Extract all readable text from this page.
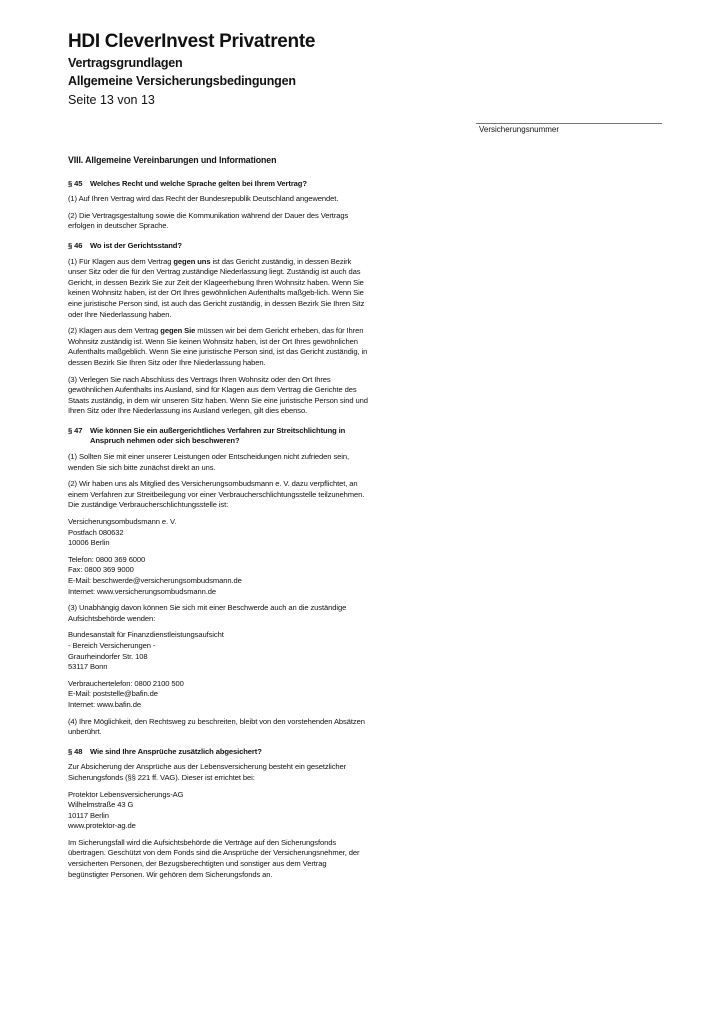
HDI CleverInvest Privatrente
Vertragsgrundlagen
Allgemeine Versicherungsbedingungen
Seite 13 von 13
Versicherungsnummer

VIII. Allgemeine Vereinbarungen und Informationen

§ 45	Welches Recht und welche Sprache gelten bei Ihrem Vertrag?

(1) Auf Ihren Vertrag wird das Recht der Bundesrepublik Deutschland angewendet.

(2) Die Vertragsgestaltung sowie die Kommunikation während der Dauer des Vertrags erfolgen in deutscher Sprache.

§ 46	Wo ist der Gerichtsstand?

(1) Für Klagen aus dem Vertrag gegen uns ist das Gericht zuständig, in dessen Bezirk unser Sitz oder die für den Vertrag zuständige Niederlassung liegt. Zuständig ist auch das Gericht, in dessen Bezirk Sie zur Zeit der Klageerhebung Ihren Wohnsitz haben. Wenn Sie keinen Wohnsitz haben, ist der Ort Ihres gewöhnlichen Aufenthalts maßgeb-lich. Wenn Sie eine juristische Person sind, ist auch das Gericht zuständig, in dessen Bezirk Sie Ihren Sitz oder Ihre Niederlassung haben.

(2) Klagen aus dem Vertrag gegen Sie müssen wir bei dem Gericht erheben, das für Ihren Wohnsitz zuständig ist. Wenn Sie keinen Wohnsitz haben, ist der Ort Ihres gewöhnlichen Aufenthalts maßgeblich. Wenn Sie eine juristische Person sind, ist das Gericht zuständig, in dessen Bezirk Sie Ihren Sitz oder Ihre Niederlassung haben.

(3) Verlegen Sie nach Abschluss des Vertrags Ihren Wohnsitz oder den Ort Ihres gewöhnlichen Aufenthalts ins Ausland, sind für Klagen aus dem Vertrag die Gerichte des Staats zuständig, in dem wir unseren Sitz haben. Wenn Sie eine juristische Person sind und Ihren Sitz oder Ihre Niederlassung ins Ausland verlegen, gilt dies ebenso.

§ 47	Wie können Sie ein außergerichtliches Verfahren zur Streitschlichtung in Anspruch nehmen oder sich beschweren?

(1) Sollten Sie mit einer unserer Leistungen oder Entscheidungen nicht zufrieden sein, wenden Sie sich bitte zunächst direkt an uns.

(2) Wir haben uns als Mitglied des Versicherungsombudsmann e. V. dazu verpflichtet, an einem Verfahren zur Streitbeilegung vor einer Verbraucherschlichtungsstelle teilzunehmen. Die zuständige Verbraucherschlichtungsstelle ist:

Versicherungsombudsmann e. V.
Postfach 080632
10006 Berlin

Telefon: 0800 369 6000
Fax: 0800 369 9000
E-Mail: beschwerde@versicherungsombudsmann.de
Internet: www.versicherungsombudsmann.de

(3) Unabhängig davon können Sie sich mit einer Beschwerde auch an die zuständige Aufsichtsbehörde wenden:

Bundesanstalt für Finanzdienstleistungsaufsicht
- Bereich Versicherungen -
Graurheindorfer Str. 108
53117 Bonn

Verbrauchertelefon: 0800 2100 500
E-Mail: poststelle@bafin.de
Internet: www.bafin.de

(4) Ihre Möglichkeit, den Rechtsweg zu beschreiten, bleibt von den vorstehenden Absätzen unberührt.

§ 48	Wie sind Ihre Ansprüche zusätzlich abgesichert?

Zur Absicherung der Ansprüche aus der Lebensversicherung besteht ein gesetzlicher Sicherungsfonds (§§ 221 ff. VAG). Dieser ist errichtet bei:

Protektor Lebensversicherungs-AG
Wilhelmstraße 43 G
10117 Berlin
www.protektor-ag.de

Im Sicherungsfall wird die Aufsichtsbehörde die Verträge auf den Sicherungsfonds übertragen. Geschützt von dem Fonds sind die Ansprüche der Versicherungsnehmer, der versicherten Personen, der Bezugsberechtigten und sonstiger aus dem Vertrag begünstigter Personen. Wir gehören dem Sicherungsfonds an.
